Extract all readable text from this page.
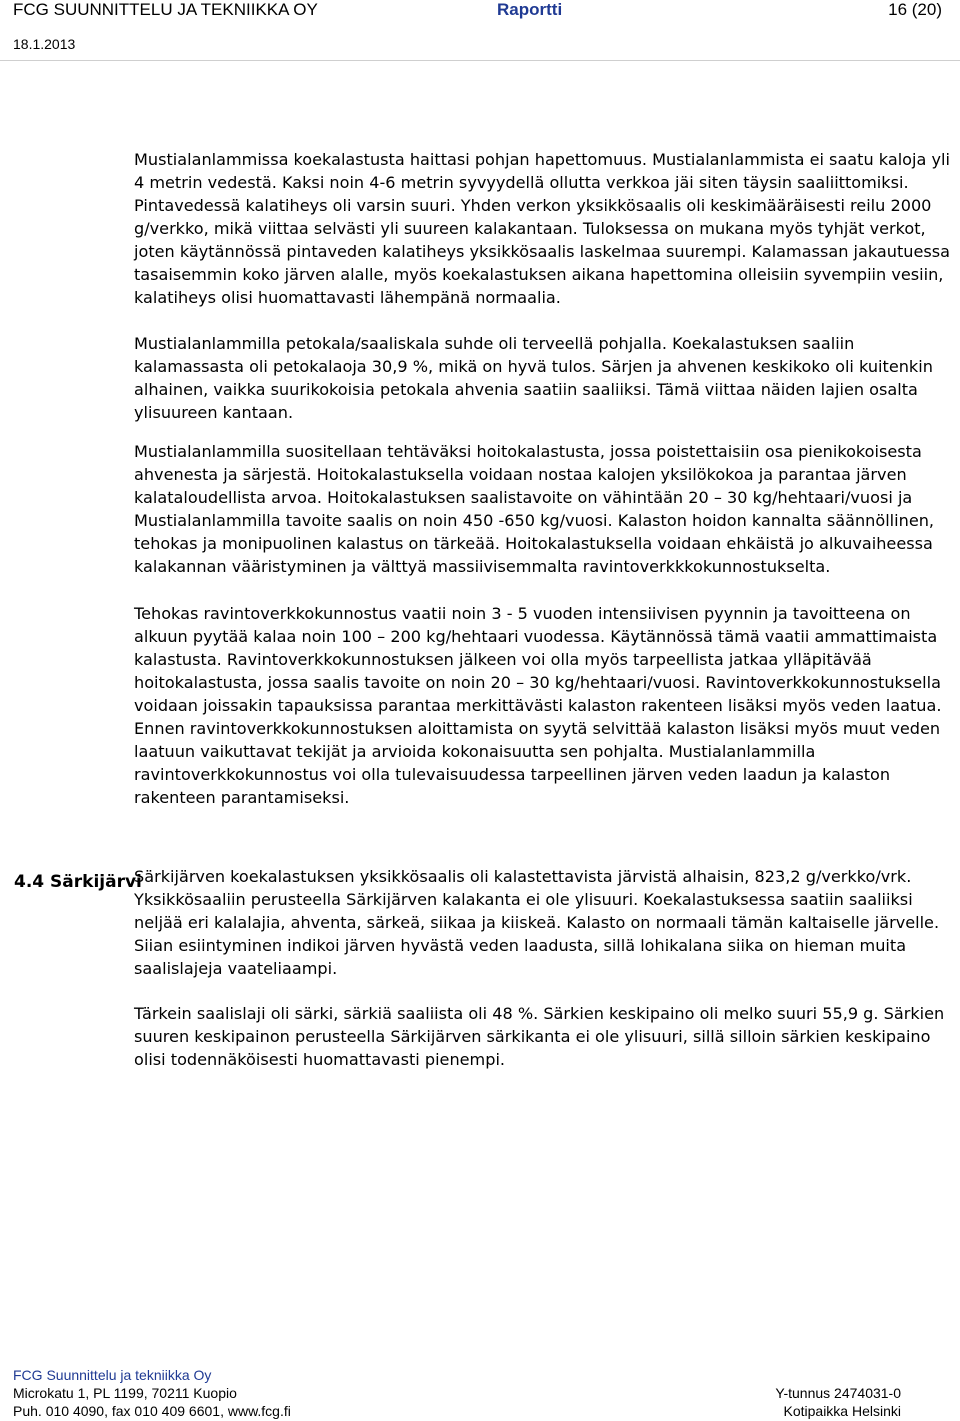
FCG SUUNNITTELU JA TEKNIIKKA OY	Raportti	16 (20)
18.1.2013
4.4 Särkijärvi

Mustialanlammissa koekalastusta haittasi pohjan hapettomuus. Mustialanlammista ei saatu kaloja yli 4 metrin vedestä. Kaksi noin 4-6 metrin syvyydellä ollutta verkkoa jäi siten täysin saaliittomiksi. Pintavedessä kalatiheys oli varsin suuri. Yhden verkon yksikkösaalis oli keskimääräisesti reilu 2000 g/verkko, mikä viittaa selvästi yli suureen kalakantaan. Tuloksessa on mukana myös tyhjät verkot, joten käytännössä pintaveden kalatiheys yksikkösaalis laskelmaa suurempi. Kalamassan jakautuessa tasaisemmin koko järven alalle, myös koekalastuksen aikana hapettomina olleisiin syvempiin vesiin, kalatiheys olisi huomattavasti lähempänä normaalia.

Mustialanlammilla petokala/saaliskala suhde oli terveellä pohjalla. Koekalastuksen saaliin kalamassasta oli petokalaoja 30,9 %, mikä on hyvä tulos. Särjen ja ahvenen keskikoko oli kuitenkin alhainen, vaikka suurikokoisia petokala ahvenia saatiin saaliiksi. Tämä viittaa näiden lajien osalta ylisuureen kantaan.

Mustialanlammilla suositellaan tehtäväksi hoitokalastusta, jossa poistettaisiin osa pienikokoisesta ahvenesta ja särjestä. Hoitokalastuksella voidaan nostaa kalojen yksilökokoa ja parantaa järven kalataloudellista arvoa. Hoitokalastuksen saalistavoite on vähintään 20 – 30 kg/hehtaari/vuosi ja Mustialanlammilla tavoite saalis on noin 450 -650 kg/vuosi. Kalaston hoidon kannalta säännöllinen, tehokas ja monipuolinen kalastus on tärkeää. Hoitokalastuksella voidaan ehkäistä jo alkuvaiheessa kalakannan vääristyminen ja välttyä massiivisemmalta ravintoverkkkokunnostukselta.

Tehokas ravintoverkkokunnostus vaatii noin 3 - 5 vuoden intensiivisen pyynnin ja tavoitteena on alkuun pyytää kalaa noin 100 – 200 kg/hehtaari vuodessa. Käytännössä tämä vaatii ammattimaista kalastusta. Ravintoverkkokunnostuksen jälkeen voi olla myös tarpeellista jatkaa ylläpitävää hoitokalastusta, jossa saalis tavoite on noin 20 – 30 kg/hehtaari/vuosi. Ravintoverkkokunnostuksella voidaan joissakin tapauksissa parantaa merkittävästi kalaston rakenteen lisäksi myös veden laatua. Ennen ravintoverkkokunnostuksen aloittamista on syytä selvittää kalaston lisäksi myös muut veden laatuun vaikuttavat tekijät ja arvioida kokonaisuutta sen pohjalta. Mustialanlammilla ravintoverkkokunnostus voi olla tulevaisuudessa tarpeellinen järven veden laadun ja kalaston rakenteen parantamiseksi.

Särkijärven koekalastuksen yksikkösaalis oli kalastettavista järvistä alhaisin, 823,2 g/verkko/vrk. Yksikkösaaliin perusteella Särkijärven kalakanta ei ole ylisuuri. Koekalastuksessa saatiin saaliiksi neljää eri kalalajia, ahventa, särkeä, siikaa ja kiiskeä. Kalasto on normaali tämän kaltaiselle järvelle. Siian esiintyminen indikoi järven hyvästä veden laadusta, sillä lohikalana siika on hieman muita saalislajeja vaateliaampi.

Tärkein saalislaji oli särki, särkiä saaliista oli 48 %. Särkien keskipaino oli melko suuri 55,9 g. Särkien suuren keskipainon perusteella Särkijärven särkikanta ei ole ylisuuri, sillä silloin särkien keskipaino olisi todennäköisesti huomattavasti pienempi.

FCG Suunnittelu ja tekniikka Oy
Microkatu 1, PL 1199, 70211 Kuopio
Puh. 010 4090, fax 010 409 6601, www.fcg.fi
Y-tunnus 2474031-0
Kotipaikka Helsinki
